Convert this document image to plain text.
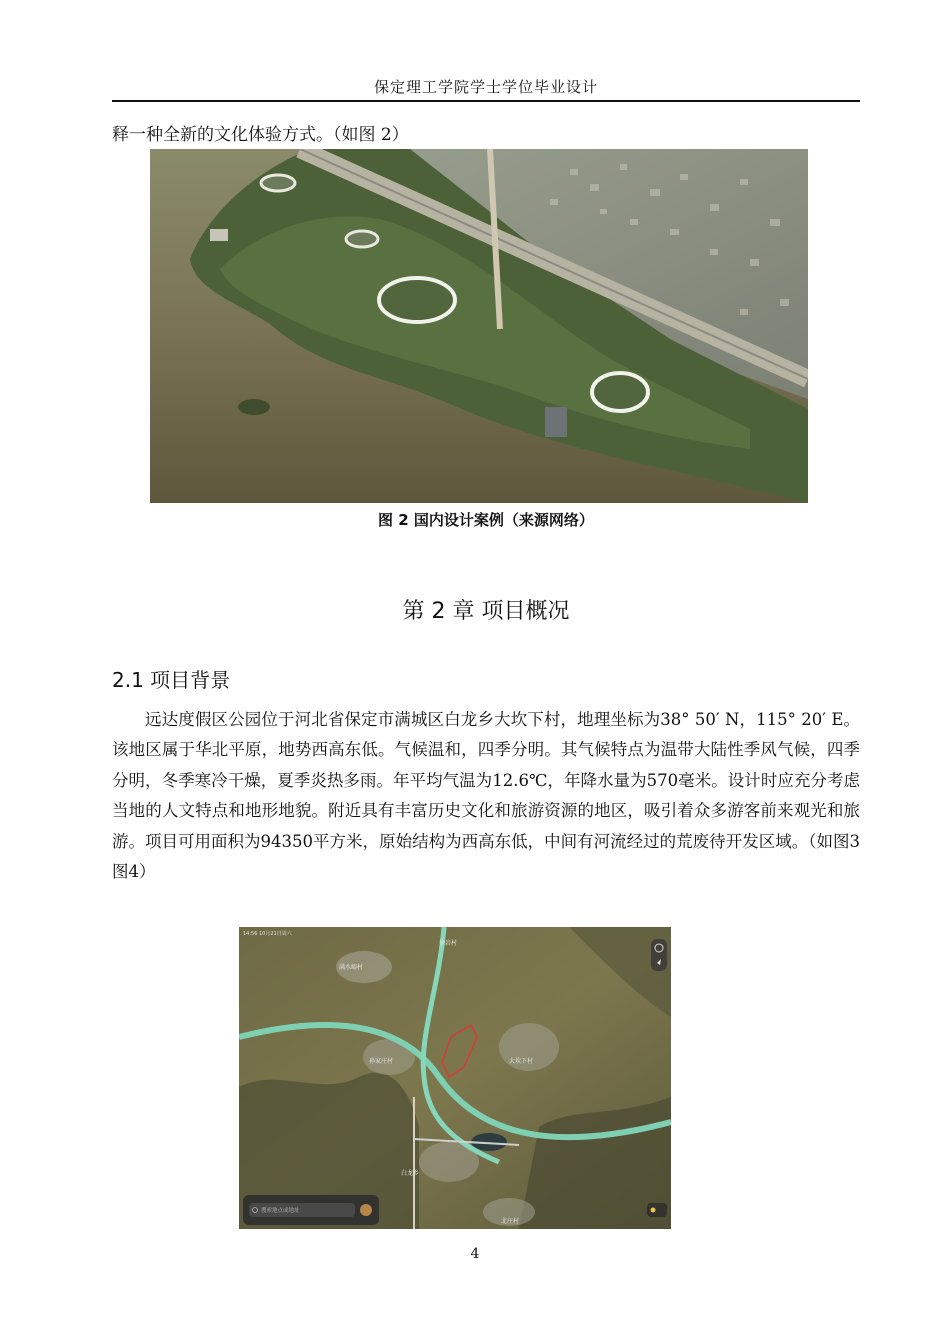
保定理工学院学士学位毕业设计
释一种全新的文化体验方式。（如图 2）
图 2 国内设计案例（来源网络）
第 2 章 项目概况
2.1 项目背景

远达度假区公园位于河北省保定市满城区白龙乡大坎下村，地理坐标为38° 50′ N，115° 20′ E。该地区属于华北平原，地势西高东低。气候温和，四季分明。其气候特点为温带大陆性季风气候，四季分明，冬季寒冷干燥，夏季炎热多雨。年平均气温为12.6℃，年降水量为570毫米。设计时应充分考虑当地的人文特点和地形地貌。附近具有丰富历史文化和旅游资源的地区，吸引着众多游客前来观光和旅游。项目可用面积为94350平方米，原始结构为西高东低，中间有河流经过的荒废待开发区域。（如图3 图4）

14:56 10月21日周六
徐岩村
满水峪村
孙家庄村	大坎下村
白龙乡
北庄村
搜索地点或地址
4
